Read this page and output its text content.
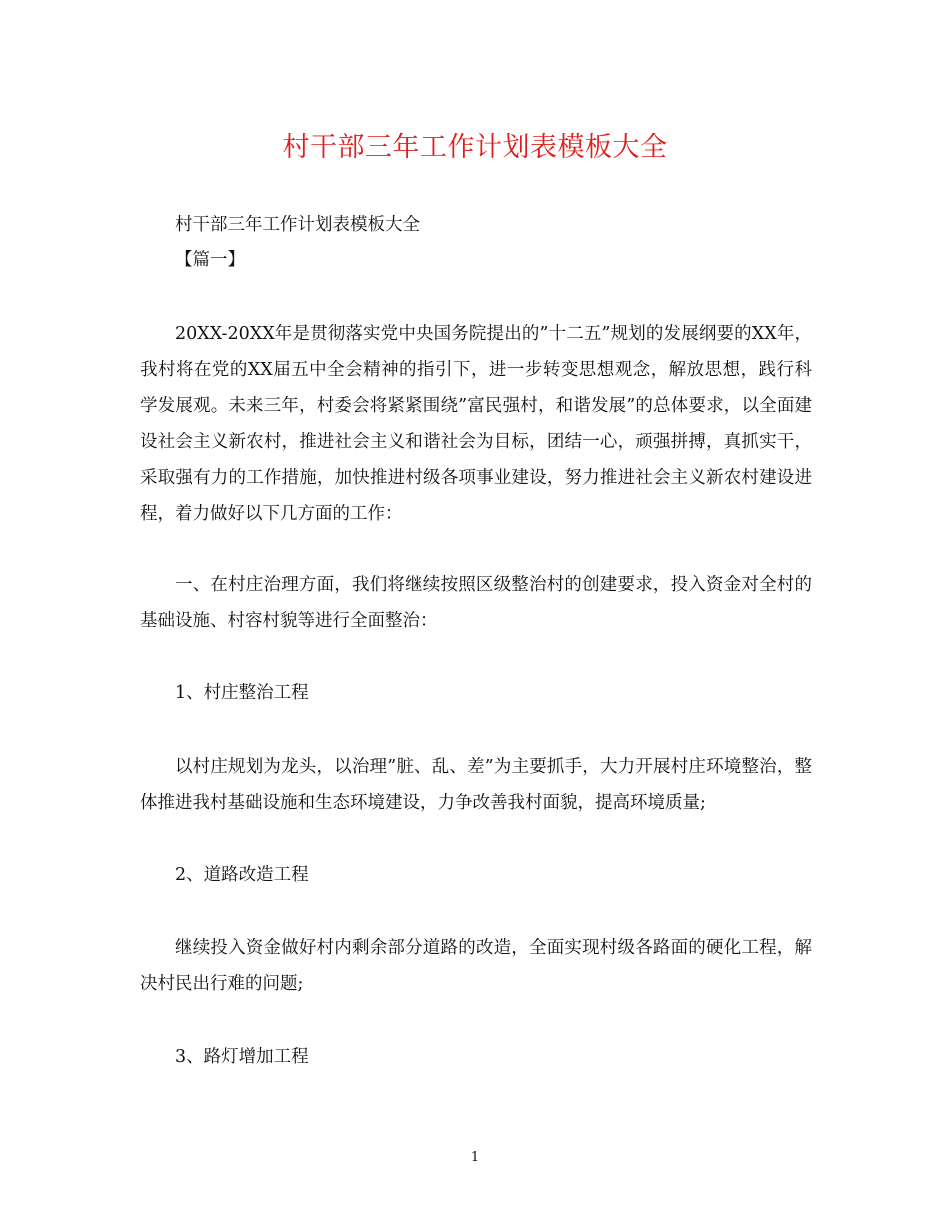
村干部三年工作计划表模板大全
村干部三年工作计划表模板大全
【篇一】
20XX-20XX年是贯彻落实党中央国务院提出的”十二五”规划的发展纲要的XX年，我村将在党的XX届五中全会精神的指引下，进一步转变思想观念，解放思想，践行科学发展观。未来三年，村委会将紧紧围绕”富民强村，和谐发展”的总体要求，以全面建设社会主义新农村，推进社会主义和谐社会为目标，团结一心，顽强拼搏，真抓实干，采取强有力的工作措施，加快推进村级各项事业建设，努力推进社会主义新农村建设进程，着力做好以下几方面的工作：
一、在村庄治理方面，我们将继续按照区级整治村的创建要求，投入资金对全村的基础设施、村容村貌等进行全面整治：
1、村庄整治工程
以村庄规划为龙头，以治理”脏、乱、差”为主要抓手，大力开展村庄环境整治，整体推进我村基础设施和生态环境建设，力争改善我村面貌，提高环境质量;
2、道路改造工程
继续投入资金做好村内剩余部分道路的改造，全面实现村级各路面的硬化工程，解决村民出行难的问题;
3、路灯增加工程
1
